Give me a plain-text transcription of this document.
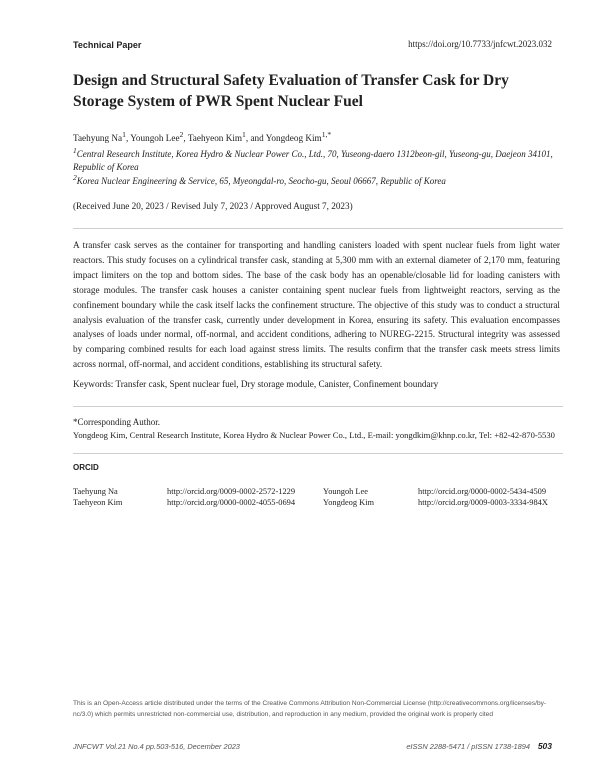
Technical Paper	https://doi.org/10.7733/jnfcwt.2023.032
Design and Structural Safety Evaluation of Transfer Cask for Dry Storage System of PWR Spent Nuclear Fuel
Taehyung Na$^1$, Youngoh Lee$^2$, Taehyeon Kim$^1$, and Yongdeog Kim$^{1,*}$
$^1$Central Research Institute, Korea Hydro & Nuclear Power Co., Ltd., 70, Yuseong-daero 1312beon-gil, Yuseong-gu, Daejeon 34101, Republic of Korea
$^2$Korea Nuclear Engineering & Service, 65, Myeongdal-ro, Seocho-gu, Seoul 06667, Republic of Korea
(Received June 20, 2023 / Revised July 7, 2023 / Approved August 7, 2023)
A transfer cask serves as the container for transporting and handling canisters loaded with spent nuclear fuels from light water reactors. This study focuses on a cylindrical transfer cask, standing at 5,300 mm with an external diameter of 2,170 mm, featuring impact limiters on the top and bottom sides. The base of the cask body has an openable/closable lid for loading canisters with storage modules. The transfer cask houses a canister containing spent nuclear fuels from lightweight reactors, serving as the confinement boundary while the cask itself lacks the confinement structure. The objective of this study was to conduct a structural analysis evaluation of the transfer cask, currently under development in Korea, ensuring its safety. This evaluation encompasses analyses of loads under normal, off-normal, and accident conditions, adhering to NUREG-2215. Structural integrity was assessed by comparing combined results for each load against stress limits. The results confirm that the transfer cask meets stress limits across normal, off-normal, and accident conditions, establishing its structural safety.
Keywords: Transfer cask, Spent nuclear fuel, Dry storage module, Canister, Confinement boundary
*Corresponding Author.
Yongdeog Kim, Central Research Institute, Korea Hydro & Nuclear Power Co., Ltd., E-mail: yongdkim@khnp.co.kr, Tel: +82-42-870-5530
ORCID
Taehyung Na	http://orcid.org/0009-0002-2572-1229	Youngoh Lee	http://orcid.org/0000-0002-5434-4509
Taehyeon Kim	http://orcid.org/0000-0002-4055-0694	Yongdeog Kim	http://orcid.org/0009-0003-3334-984X
This is an Open-Access article distributed under the terms of the Creative Commons Attribution Non-Commercial License (http://creativecommons.org/licenses/by-nc/3.0) which permits unrestricted non-commercial use, distribution, and reproduction in any medium, provided the original work is properly cited
JNFCWT Vol.21 No.4 pp.503-516, December 2023	eISSN 2288-5471 / pISSN 1738-1894 503
